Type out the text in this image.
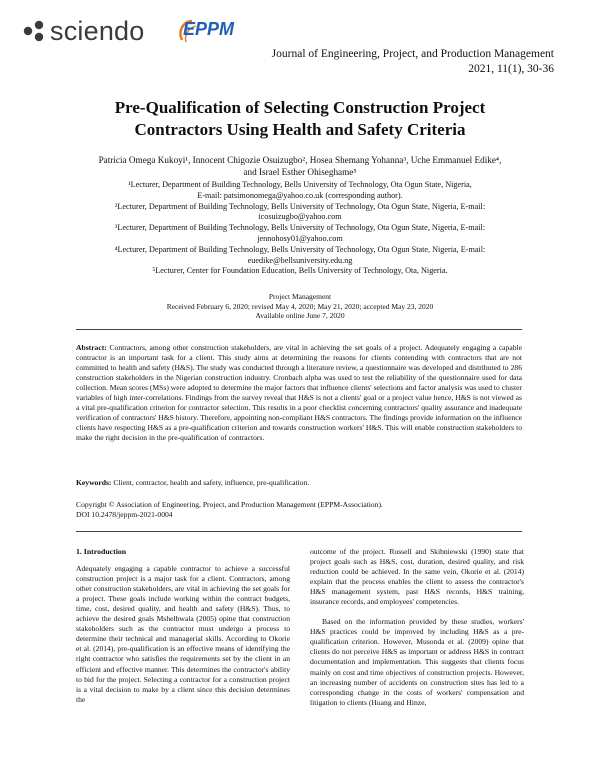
sciendo EPPM
Journal of Engineering, Project, and Production Management
2021, 11(1), 30-36
Pre-Qualification of Selecting Construction Project
Contractors Using Health and Safety Criteria
Patricia Omega Kukoyi¹, Innocent Chigozie Osuizugbo², Hosea Shemang Yohanna³, Uche Emmanuel Edike⁴,
and Israel Esther Ohiseghame⁵

¹Lecturer, Department of Building Technology, Bells University of Technology, Ota Ogun State, Nigeria,
E-mail: patsimonomega@yahoo.co.uk (corresponding author).

²Lecturer, Department of Building Technology, Bells University of Technology, Ota Ogun State, Nigeria, E-mail:
icosuizugbo@yahoo.com

³Lecturer, Department of Building Technology, Bells University of Technology, Ota Ogun State, Nigeria, E-mail:
jennohosy01@yahoo.com

⁴Lecturer, Department of Building Technology, Bells University of Technology, Ota Ogun State, Nigeria, E-mail:
euedike@bellsuniversity.edu.ng

⁵Lecturer, Center for Foundation Education, Bells University of Technology, Ota, Nigeria.

Project Management
Received February 6, 2020; revised May 4, 2020; May 21, 2020; accepted May 23, 2020
Available online June 7, 2020
Abstract: Contractors, among other construction stakeholders, are vital in achieving the set goals of a project. Adequately engaging a capable contractor is an important task for a client. This study aims at determining the reasons for clients contending with contractors that are not committed to health and safety (H&S). The study was conducted through a literature review, a questionnaire was developed and distributed to 286 construction stakeholders in the Nigerian construction industry. Cronbach alpha was used to test the reliability of the questionnaire used for data collection. Mean scores (MSs) were adopted to determine the major factors that influence clients' selections and factor analysis was used to cluster variables of high inter-correlations. Findings from the survey reveal that H&S is not a clients' goal or a project value hence, H&S is not viewed as a vital pre-qualification criterion for contractor selection. This results in a poor checklist concerning contractors' quality assurance and inadequate verification of contractors' H&S history. Therefore, appointing non-compliant H&S contractors. The findings provide information on the influence clients have respecting H&S as a pre-qualification criterion and towards construction workers' H&S. This will enable construction stakeholders to make the right decision in the pre-qualification of contractors.
Keywords: Client, contractor, health and safety, influence, pre-qualification.
Copyright © Association of Engineering, Project, and Production Management (EPPM-Association).
DOI 10.2478/jeppm-2021-0004
1. Introduction

Adequately engaging a capable contractor to achieve a successful construction project is a major task for a client. Contractors, among other construction stakeholders, are vital in achieving the set goals for a project. These goals include working within the contract budgets, time, cost, desired quality, and health and safety (H&S). Thus, to achieve the desired goals Mshelbwala (2005) opine that construction stakeholders such as the contractor must undergo a process to determine their technical and managerial skills. According to Okorie et al. (2014), pre-qualification is an effective means of identifying the right contractor who satisfies the requirements set by the client in an efficient and effective manner. This determines the contractor's ability to bid for the project. Selecting a contractor for a construction project is a vital decision to make by a client since this decision determines the

outcome of the project. Russell and Skibniewski (1990) state that project goals such as H&S, cost, duration, desired quality, and risk reduction could be achieved. In the same vein, Okorie et al. (2014) explain that the process enables the client to assess the contractor's H&S management system, past H&S records, H&S training, insurance records, and employees' competencies.

Based on the information provided by these studies, workers' H&S practices could be improved by including H&S as a pre-qualification criterion. However, Musonda et al. (2009) opine that clients do not perceive H&S as important or address H&S in contract documentation and implementation. This suggests that clients focus mainly on cost and time objectives of construction projects. However, an increasing number of accidents on construction sites has led to a corresponding change in the costs of workers' compensation and litigation to clients (Huang and Hinze,
